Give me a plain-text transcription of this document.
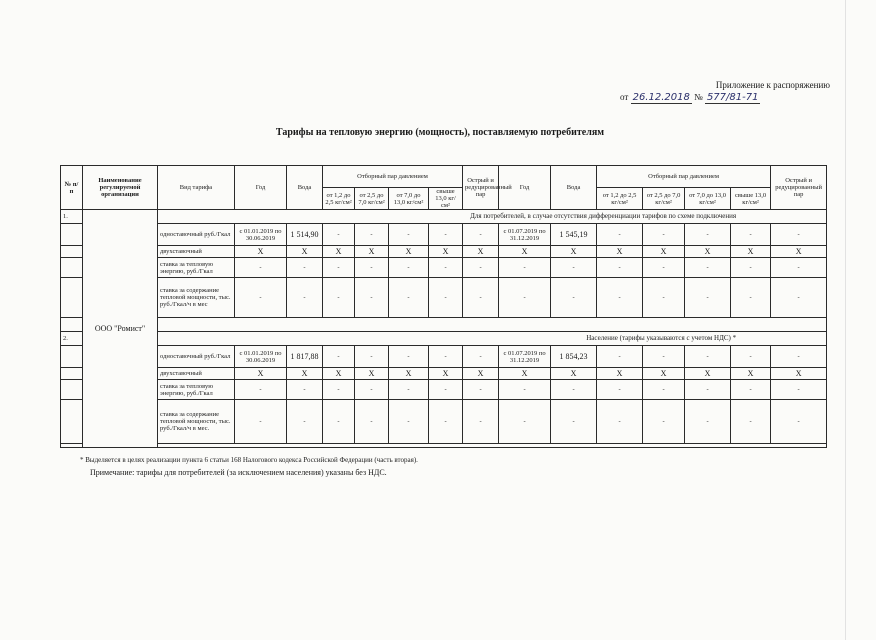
Приложение к распоряжению
от 26.12.2018 № 577/81-71
Тарифы на тепловую энергию (мощность), поставляемую потребителям
№ п/п	Наименование регулируемой организации	Вид тарифа	Год	Вода	Отборный пар давлением				Острый и редуцированный пар	Год	Вода	Отборный пар давлением				Острый и редуцированный пар
					от 1,2 до 2,5 кг/см²	от 2,5 до 7,0 кг/см²	от 7,0 до 13,0 кг/см²	свыше 13,0 кг/см²				от 1,2 до 2,5 кг/см²	от 2,5 до 7,0 кг/см²	от 7,0 до 13,0 кг/см²	свыше 13,0 кг/см²	
1.	ООО "Ромист"	Для потребителей, в случае отсутствия дифференциации тарифов по схеме подключения														
		одноставочный руб./Гкал	с 01.01.2019 по 30.06.2019	1 514,90	-	-	-	-	-	с 01.07.2019 по 31.12.2019	1 545,19	-	-	-	-	-
		двухставочный	Х	Х	Х	Х	Х	Х	Х	Х	Х	Х	Х	Х	Х	Х
		ставка за тепловую энергию, руб./Гкал	-	-	-	-	-	-	-	-	-	-	-	-	-	-
		ставка за содержание тепловой мощности, тыс. руб./Гкал/ч в мес	-	-	-	-	-	-	-	-	-	-	-	-	-	-

2.		Население (тарифы указываются с учетом НДС) *														
		одноставочный руб./Гкал	с 01.01.2019 по 30.06.2019	1 817,88	-	-	-	-	-	с 01.07.2019 по 31.12.2019	1 854,23	-	-	-	-	-
		двухставочный	Х	Х	Х	Х	Х	Х	Х	Х	Х	Х	Х	Х	Х	Х
		ставка за тепловую энергию, руб./Гкал	-	-	-	-	-	-	-	-	-	-	-	-	-	-
		ставка за содержание тепловой мощности, тыс. руб./Гкал/ч в мес.	-	-	-	-	-	-	-	-	-	-	-	-	-	-

* Выделяется в целях реализации пункта 6 статьи 168 Налогового кодекса Российской Федерации (часть вторая).
Примечание: тарифы для потребителей (за исключением населения) указаны без НДС.
